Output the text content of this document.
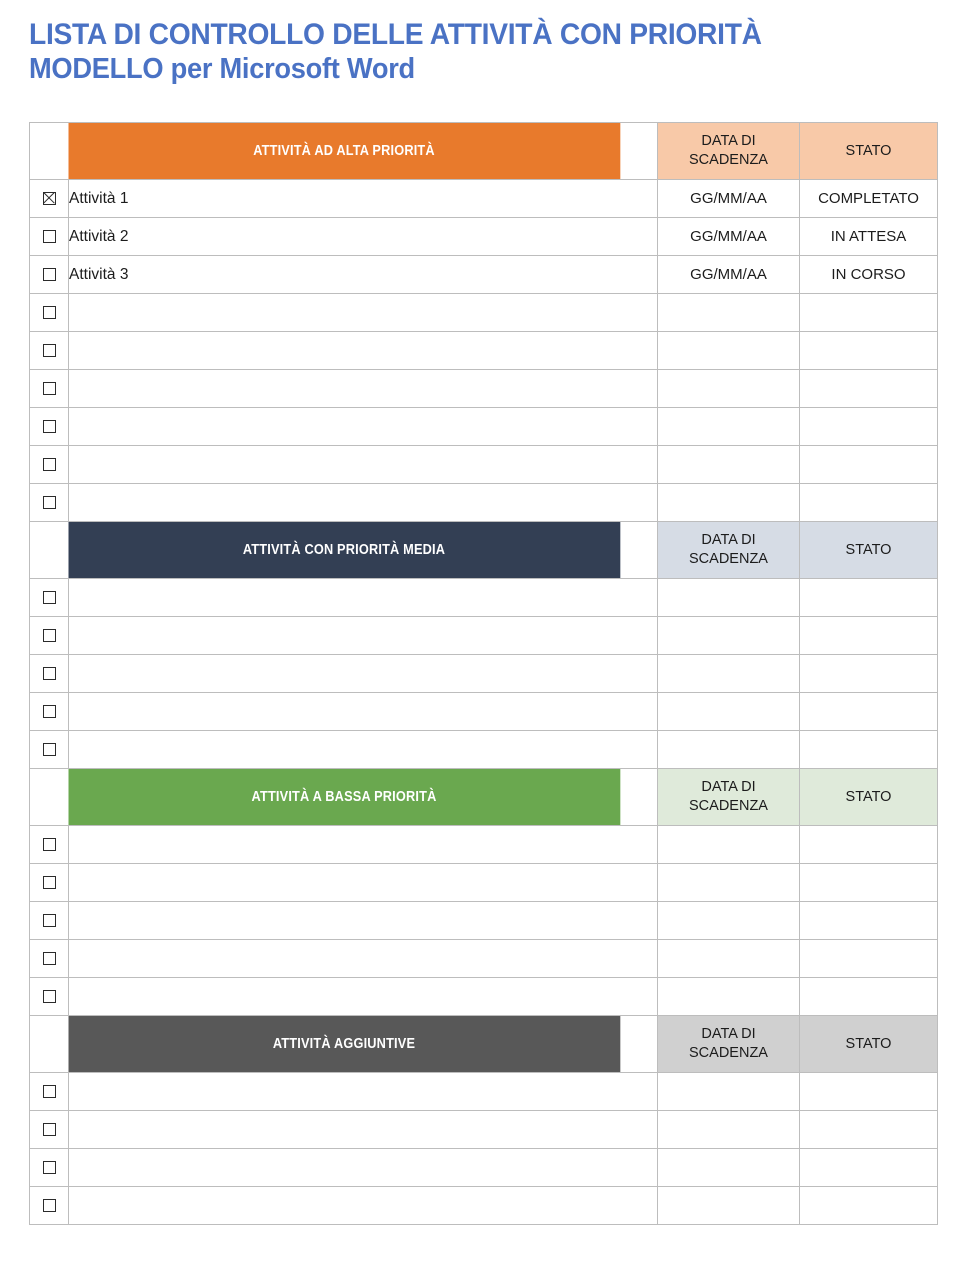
LISTA DI CONTROLLO DELLE ATTIVITÀ CON PRIORITÀ
MODELLO per Microsoft Word
ATTIVITÀ AD ALTA PRIORITÀ		DATA DI
SCADENZA	STATO
	Attività 1	GG/MM/AA	COMPLETATO
	Attività 2	GG/MM/AA	IN ATTESA
	Attività 3	GG/MM/AA	IN CORSO

ATTIVITÀ CON PRIORITÀ MEDIA		DATA DI
SCADENZA	STATO

ATTIVITÀ A BASSA PRIORITÀ		DATA DI
SCADENZA	STATO

ATTIVITÀ AGGIUNTIVE		DATA DI
SCADENZA	STATO
